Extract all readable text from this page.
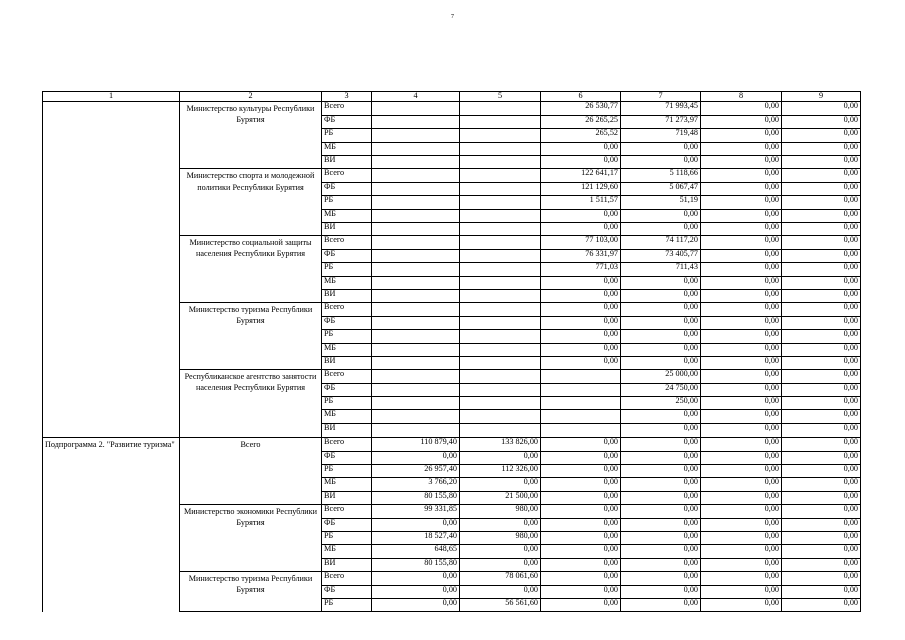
7
1	2	3	4	5	6	7	8	9
	Министерство культуры Республики Бурятия	Всего			26 530,77	71 993,45	0,00	0,00
		ФБ			26 265,25	71 273,97	0,00	0,00
		РБ			265,52	719,48	0,00	0,00
		МБ			0,00	0,00	0,00	0,00
		ВИ			0,00	0,00	0,00	0,00
	Министерство спорта и молодежной политики Республики Бурятия	Всего			122 641,17	5 118,66	0,00	0,00
		ФБ			121 129,60	5 067,47	0,00	0,00
		РБ			1 511,57	51,19	0,00	0,00
		МБ			0,00	0,00	0,00	0,00
		ВИ			0,00	0,00	0,00	0,00
	Министерство социальной защиты населения Республики Бурятия	Всего			77 103,00	74 117,20	0,00	0,00
		ФБ			76 331,97	73 405,77	0,00	0,00
		РБ			771,03	711,43	0,00	0,00
		МБ			0,00	0,00	0,00	0,00
		ВИ			0,00	0,00	0,00	0,00
	Министерство туризма Республики Бурятия	Всего			0,00	0,00	0,00	0,00
		ФБ			0,00	0,00	0,00	0,00
		РБ			0,00	0,00	0,00	0,00
		МБ			0,00	0,00	0,00	0,00
		ВИ			0,00	0,00	0,00	0,00
	Республиканское агентство занятости населения Республики Бурятия	Всего				25 000,00	0,00	0,00
		ФБ				24 750,00	0,00	0,00
		РБ				250,00	0,00	0,00
		МБ				0,00	0,00	0,00
		ВИ				0,00	0,00	0,00
Подпрограмма 2. "Развитие туризма"	Всего	Всего	110 879,40	133 826,00	0,00	0,00	0,00	0,00
		ФБ	0,00	0,00	0,00	0,00	0,00	0,00
		РБ	26 957,40	112 326,00	0,00	0,00	0,00	0,00
		МБ	3 766,20	0,00	0,00	0,00	0,00	0,00
		ВИ	80 155,80	21 500,00	0,00	0,00	0,00	0,00
	Министерство экономики Республики Бурятия	Всего	99 331,85	980,00	0,00	0,00	0,00	0,00
		ФБ	0,00	0,00	0,00	0,00	0,00	0,00
		РБ	18 527,40	980,00	0,00	0,00	0,00	0,00
		МБ	648,65	0,00	0,00	0,00	0,00	0,00
		ВИ	80 155,80	0,00	0,00	0,00	0,00	0,00
	Министерство туризма Республики Бурятия	Всего	0,00	78 061,60	0,00	0,00	0,00	0,00
		ФБ	0,00	0,00	0,00	0,00	0,00	0,00
		РБ	0,00	56 561,60	0,00	0,00	0,00	0,00
